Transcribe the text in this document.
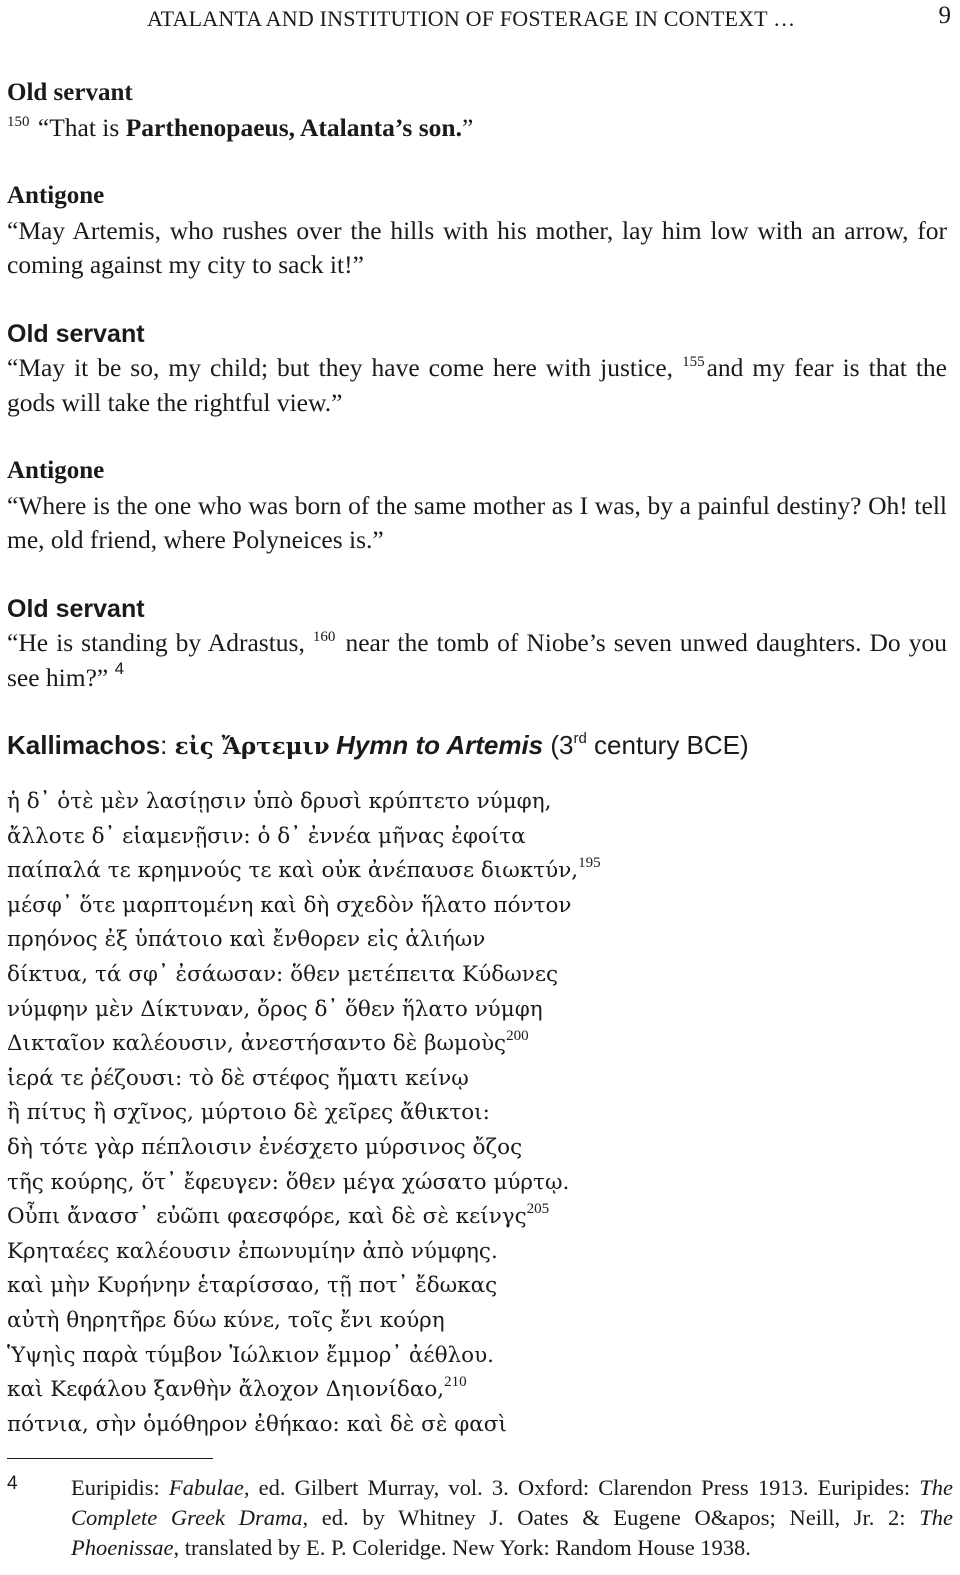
ATALANTA AND INSTITUTION OF FOSTERAGE IN CONTEXT …	9
Old servant
$^{150}$ “That is Parthenopaeus, Atalanta’s son.”
Antigone
“May Artemis, who rushes over the hills with his mother, lay him low with an arrow, for coming against my city to sack it!”
Old servant
“May it be so, my child; but they have come here with justice, $^{155}$and my fear is that the gods will take the rightful view.”
Antigone
“Where is the one who was born of the same mother as I was, by a painful destiny? Oh! tell me, old friend, where Polyneices is.”
Old servant
“He is standing by Adrastus, $^{160}$ near the tomb of Niobe’s seven unwed daughters. Do you see him?” $^4$
Kallimachos: εἰς Ἄρτεμιν Hymn to Artemis (3rd century BCE)
ἡ δ᾽ ὁτὲ μὲν λασίῃσιν ὑπὸ δρυσὶ κρύπτετο νύμφη,
ἄλλοτε δ᾽ εἱαμενῇσιν: ὁ δ᾽ ἐννέα μῆνας ἐφοίτα
παίπαλά τε κρημνούς τε καὶ οὐκ ἀνέπαυσε διωκτύν,$^{195}$
μέσφ᾽ ὅτε μαρπτομένη καὶ δὴ σχεδὸν ἥλατο πόντον
πρηόνος ἐξ ὑπάτοιο καὶ ἔνθορεν εἰς ἁλιήων
δίκτυα, τά σφ᾽ ἐσάωσαν: ὅθεν μετέπειτα Κύδωνες
νύμφην μὲν Δίκτυναν, ὄρος δ᾽ ὅθεν ἥλατο νύμφη
Δικταῖον καλέουσιν, ἀνεστήσαντο δὲ βωμοὺς$^{200}$
ἱερά τε ῥέζουσι: τὸ δὲ στέφος ἤματι κείνῳ
ἢ πίτυς ἢ σχῖνος, μύρτοιο δὲ χεῖρες ἄθικτοι:
δὴ τότε γὰρ πέπλοισιν ἐνέσχετο μύρσινος ὄζος
τῆς κούρης, ὅτ᾽ ἔφευγεν: ὅθεν μέγα χώσατο μύρτῳ.
Οὖπι ἄνασσ᾽ εὐῶπι φαεσφόρε, καὶ δὲ σὲ κείνγς$^{205}$
Κρηταέες καλέουσιν ἐπωνυμίην ἀπὸ νύμφης.
καὶ μὴν Κυρήνην ἑταρίσσαο, τῇ ποτ᾽ ἔδωκας
αὐτὴ θηρητῆρε δύω κύνε, τοῖς ἔνι κούρη
Ὑψηὶς παρὰ τύμβον Ἰώλκιον ἔμμορ᾽ ἀέθλου.
καὶ Κεφάλου ξανθὴν ἄλοχον Δηιονίδαο,$^{210}$
πότνια, σὴν ὁμόθηρον ἐθήκαο: καὶ δὲ σὲ φασὶ
4 Euripidis: Fabulae, ed. Gilbert Murray, vol. 3. Oxford: Clarendon Press 1913. Euripides: The Complete Greek Drama, ed. by Whitney J. Oates & Eugene O&apos; Neill, Jr. 2: The Phoenissae, translated by E. P. Coleridge. New York: Random House 1938.
